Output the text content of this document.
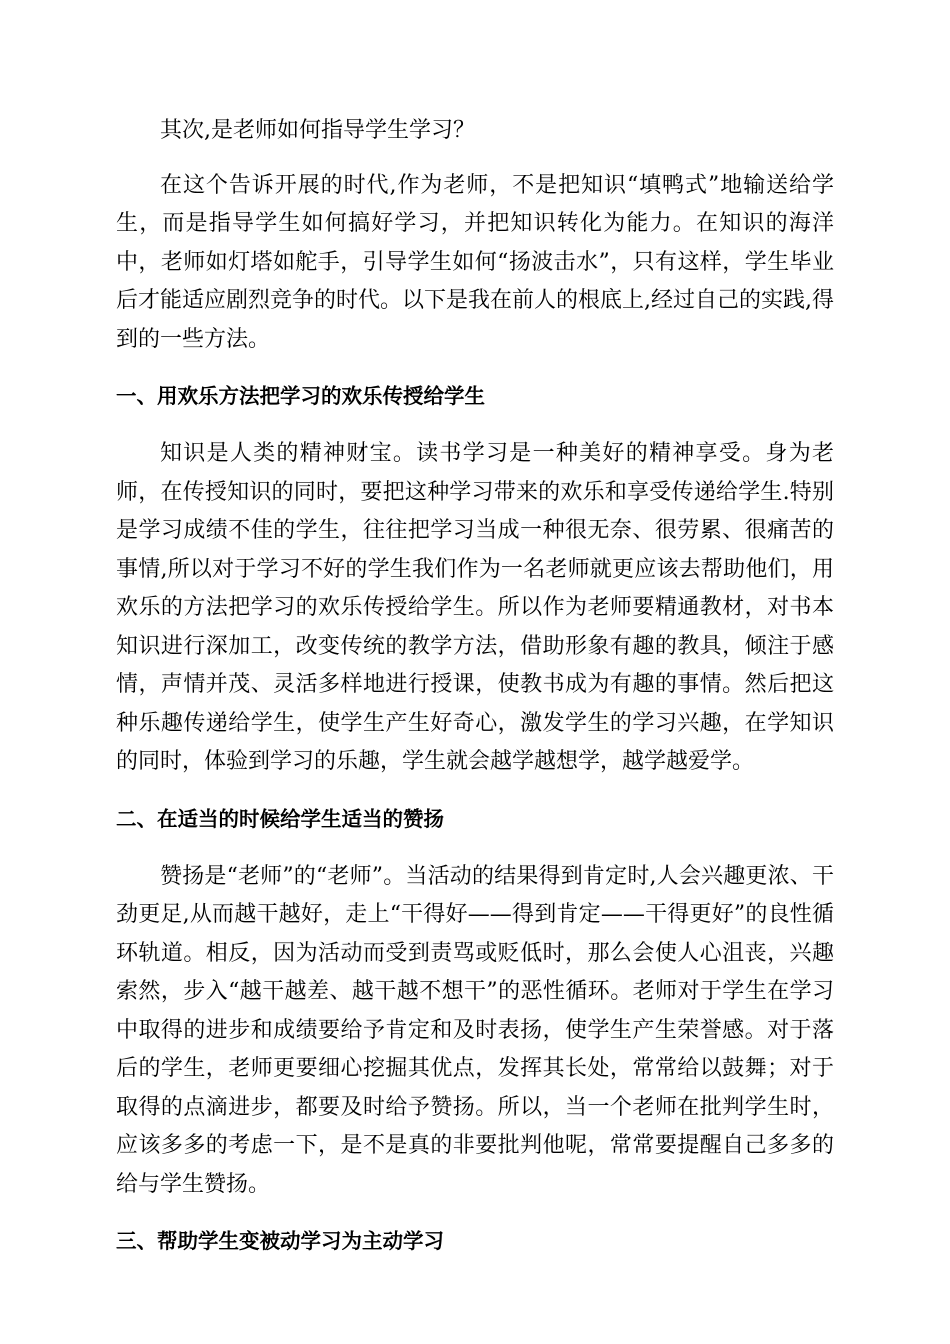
其次,是老师如何指导学生学习？

在这个告诉开展的时代,作为老师，不是把知识“填鸭式”地输送给学生，而是指导学生如何搞好学习，并把知识转化为能力。在知识的海洋中，老师如灯塔如舵手，引导学生如何“扬波击水”，只有这样，学生毕业后才能适应剧烈竞争的时代。以下是我在前人的根底上,经过自己的实践,得到的一些方法。

一、用欢乐方法把学习的欢乐传授给学生

知识是人类的精神财宝。读书学习是一种美好的精神享受。身为老师，在传授知识的同时，要把这种学习带来的欢乐和享受传递给学生.特别是学习成绩不佳的学生，往往把学习当成一种很无奈、很劳累、很痛苦的事情,所以对于学习不好的学生我们作为一名老师就更应该去帮助他们，用欢乐的方法把学习的欢乐传授给学生。所以作为老师要精通教材，对书本知识进行深加工，改变传统的教学方法，借助形象有趣的教具，倾注于感情，声情并茂、灵活多样地进行授课，使教书成为有趣的事情。然后把这种乐趣传递给学生，使学生产生好奇心，激发学生的学习兴趣，在学知识的同时，体验到学习的乐趣，学生就会越学越想学，越学越爱学。

二、在适当的时候给学生适当的赞扬

赞扬是“老师”的“老师”。当活动的结果得到肯定时,人会兴趣更浓、干劲更足,从而越干越好，走上“干得好——得到肯定——干得更好”的良性循环轨道。相反，因为活动而受到责骂或贬低时，那么会使人心沮丧，兴趣索然，步入“越干越差、越干越不想干”的恶性循环。老师对于学生在学习中取得的进步和成绩要给予肯定和及时表扬，使学生产生荣誉感。对于落后的学生，老师更要细心挖掘其优点，发挥其长处，常常给以鼓舞；对于取得的点滴进步，都要及时给予赞扬。所以，当一个老师在批判学生时，应该多多的考虑一下，是不是真的非要批判他呢，常常要提醒自己多多的给与学生赞扬。

三、帮助学生变被动学习为主动学习
